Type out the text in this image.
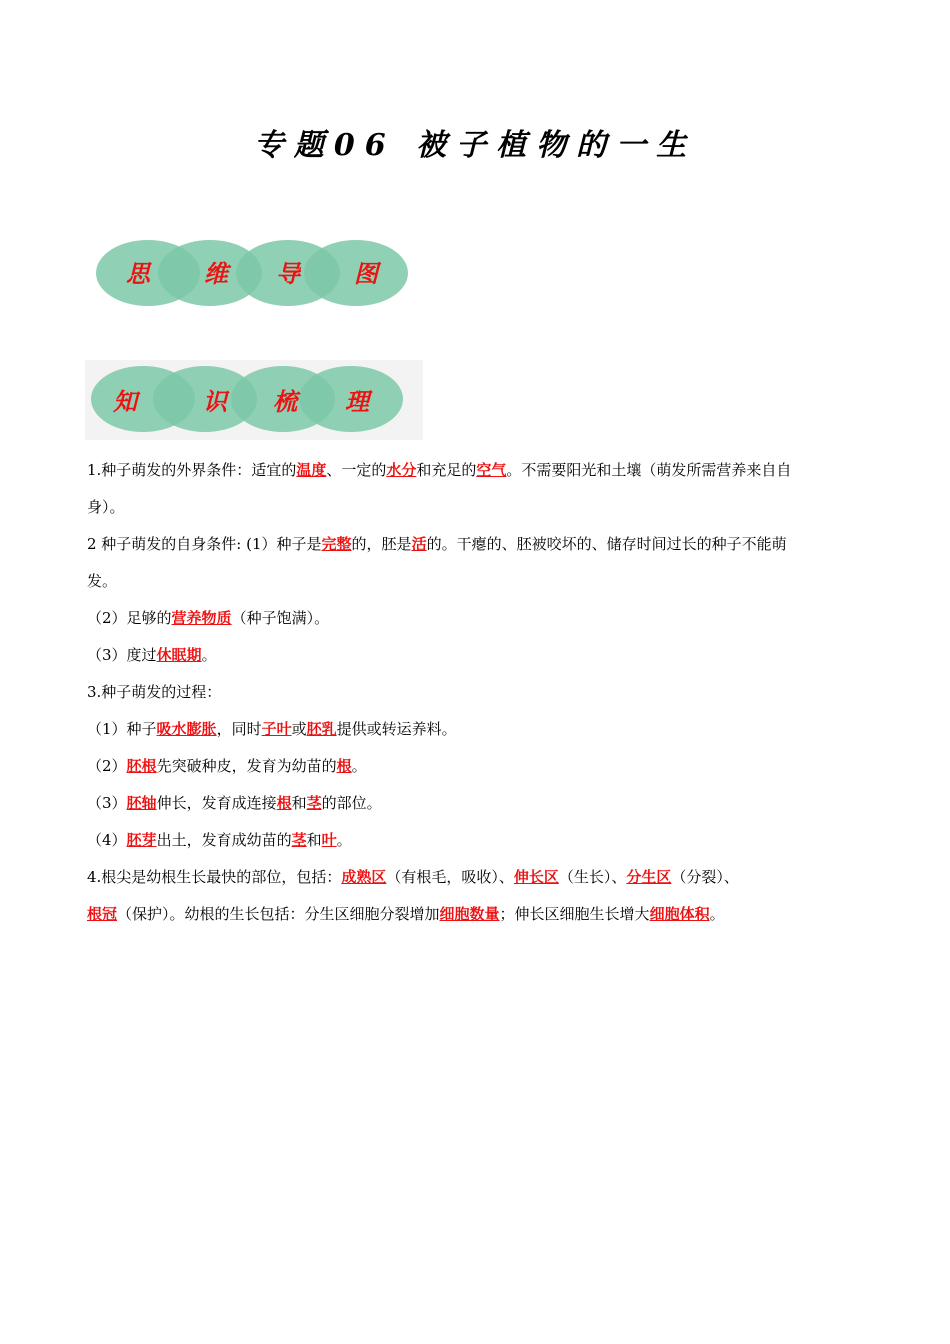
专题06 被子植物的一生
思	维	导	图
知	识	梳	理

1.种子萌发的外界条件：适宜的温度、一定的水分和充足的空气。不需要阳光和土壤（萌发所需营养来自自

身）。

2 种子萌发的自身条件: (1）种子是完整的，胚是活的。干瘪的、胚被咬坏的、储存时间过长的种子不能萌

发。

（2）足够的营养物质（种子饱满）。

（3）度过休眠期。

3.种子萌发的过程：

（1）种子吸水膨胀，同时子叶或胚乳提供或转运养料。

（2）胚根先突破种皮，发育为幼苗的根。

（3）胚轴伸长，发育成连接根和茎的部位。

（4）胚芽出土，发育成幼苗的茎和叶。

4.根尖是幼根生长最快的部位，包括：成熟区（有根毛，吸收）、伸长区（生长）、分生区（分裂）、

根冠（保护）。幼根的生长包括：分生区细胞分裂增加细胞数量；伸长区细胞生长增大细胞体积。
